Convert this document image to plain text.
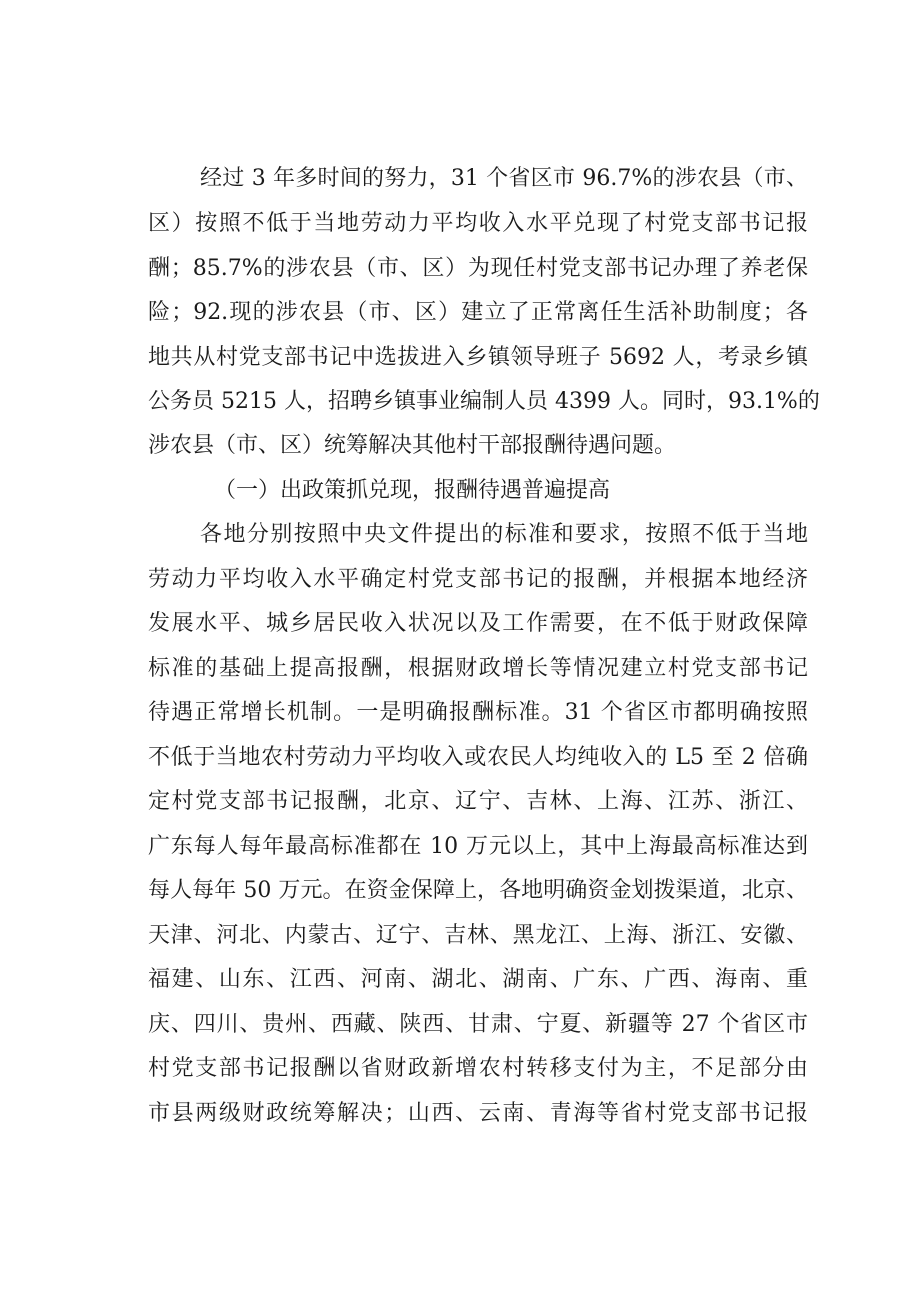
经过 3 年多时间的努力，31 个省区市 96.7%的涉农县（市、
区）按照不低于当地劳动力平均收入水平兑现了村党支部书记报
酬；85.7%的涉农县（市、区）为现任村党支部书记办理了养老保
险；92.现的涉农县（市、区）建立了正常离任生活补助制度；各
地共从村党支部书记中选拔进入乡镇领导班子 5692 人，考录乡镇
公务员 5215 人，招聘乡镇事业编制人员 4399 人。同时，93.1%的
涉农县（市、区）统筹解决其他村干部报酬待遇问题。
（一）出政策抓兑现，报酬待遇普遍提高
各地分别按照中央文件提出的标准和要求，按照不低于当地
劳动力平均收入水平确定村党支部书记的报酬，并根据本地经济
发展水平、城乡居民收入状况以及工作需要，在不低于财政保障
标准的基础上提高报酬，根据财政增长等情况建立村党支部书记
待遇正常增长机制。一是明确报酬标准。31 个省区市都明确按照
不低于当地农村劳动力平均收入或农民人均纯收入的 L5 至 2 倍确
定村党支部书记报酬，北京、辽宁、吉林、上海、江苏、浙江、
广东每人每年最高标准都在 10 万元以上，其中上海最高标准达到
每人每年 50 万元。在资金保障上，各地明确资金划拨渠道，北京、
天津、河北、内蒙古、辽宁、吉林、黑龙江、上海、浙江、安徽、
福建、山东、江西、河南、湖北、湖南、广东、广西、海南、重
庆、四川、贵州、西藏、陕西、甘肃、宁夏、新疆等 27 个省区市
村党支部书记报酬以省财政新增农村转移支付为主，不足部分由
市县两级财政统筹解决；山西、云南、青海等省村党支部书记报
